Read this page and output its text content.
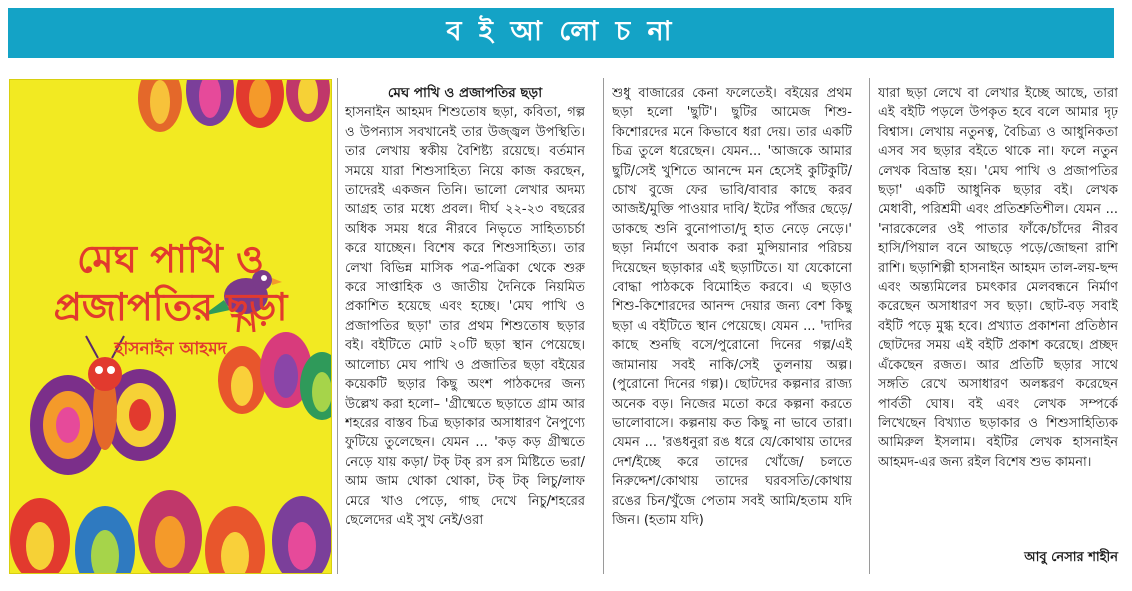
ব ই আ লো চ না
মেঘ পাখি ও
প্রজাপতির ছড়া
হাসনাইন আহমদ
মেঘ পাখি ও প্রজাপতির ছড়া

হাসনাইন আহমদ শিশুতোষ ছড়া, কবিতা, গল্প ও উপন্যাস সবখানেই তার উজ্জ্বল উপস্থিতি। তার লেখায় স্বকীয় বৈশিষ্ট্য রয়েছে। বর্তমান সময়ে যারা শিশুসাহিত্য নিয়ে কাজ করছেন, তাদেরই একজন তিনি। ভালো লেখার অদম্য আগ্রহ তার মধ্যে প্রবল। দীর্ঘ ২২-২৩ বছরের অধিক সময় ধরে নীরবে নিভৃতে সাহিত্যচর্চা করে যাচ্ছেন। বিশেষ করে শিশুসাহিত্য। তার লেখা বিভিন্ন মাসিক পত্র-পত্রিকা থেকে শুরু করে সাপ্তাহিক ও জাতীয় দৈনিকে নিয়মিত প্রকাশিত হয়েছে এবং হচ্ছে। 'মেঘ পাখি ও প্রজাপতির ছড়া' তার প্রথম শিশুতোষ ছড়ার বই। বইটিতে মোট ২০টি ছড়া স্থান পেয়েছে। আলোচ্য মেঘ পাখি ও প্রজাতির ছড়া বইয়ের কয়েকটি ছড়ার কিছু অংশ পাঠকদের জন্য উল্লেখ করা হলো– 'গ্রীষ্মেতে ছড়াতে গ্রাম আর শহরের বাস্তব চিত্র ছড়াকার অসাধারণ নৈপুণ্যে ফুটিয়ে তুলেছেন। যেমন ... 'কড় কড় গ্রীষ্মতে নেড়ে যায় কড়া/ টক্ টক্ রস রস মিষ্টিতে ভরা/আম জাম থোকা থোকা, টক্ টক্ লিচু/লাফ মেরে খাও পেড়ে, গাছ দেখে নিচু/শহরের ছেলেদের এই সুখ নেই/ওরা

শুধু বাজারের কেনা ফলেতেই। বইয়ের প্রথম ছড়া হলো 'ছুটি'। ছুটির আমেজ শিশু-কিশোরদের মনে কিভাবে ধরা দেয়। তার একটি চিত্র তুলে ধরেছেন। যেমন... 'আজকে আমার ছুটি/সেই খুশিতে আনন্দে মন হেসেই কুটিকুটি/চোখ বুজে ফের ভাবি/বাবার কাছে করব আজই/মুক্তি পাওয়ার দাবি/ ইটের পাঁজর ছেড়ে/ডাকছে শুনি বুনোপাতা/দু হাত নেড়ে নেড়ে।' ছড়া নির্মাণে অবাক করা মুন্সিয়ানার পরিচয় দিয়েছেন ছড়াকার এই ছড়াটিতে। যা যেকোনো বোদ্ধা পাঠককে বিমোহিত করবে। এ ছড়াও শিশু-কিশোরদের আনন্দ দেয়ার জন্য বেশ কিছু ছড়া এ বইটিতে স্থান পেয়েছে। যেমন ... 'দাদির কাছে শুনছি বসে/পুরোনো দিনের গল্প/এই জামানায় সবই নাকি/সেই তুলনায় অল্প। (পুরোনো দিনের গল্প)। ছোটদের কল্পনার রাজ্য অনেক বড়। নিজের মতো করে কল্পনা করতে ভালোবাসে। কল্পনায় কত কিছু না ভাবে তারা। যেমন ... 'রঙধনুরা রঙ ধরে যে/কোথায় তাদের দেশ/ইচ্ছে করে তাদের খোঁজে/ চলতে নিরুদ্দেশ/কোথায় তাদের ঘরবসতি/কোথায় রঙের চিন/খুঁজে পেতাম সবই আমি/হতাম যদি জিন। (হতাম যদি)

যারা ছড়া লেখে বা লেখার ইচ্ছে আছে, তারা এই বইটি পড়লে উপকৃত হবে বলে আমার দৃঢ় বিশ্বাস। লেখায় নতুনত্ব, বৈচিত্র্য ও আধুনিকতা এসব সব ছড়ার বইতে থাকে না। ফলে নতুন লেখক বিভ্রান্ত হয়। 'মেঘ পাখি ও প্রজাপতির ছড়া' একটি আধুনিক ছড়ার বই। লেখক মেধাবী, পরিশ্রমী এবং প্রতিশ্রুতিশীল। যেমন ... 'নারকেলের ওই পাতার ফাঁকে/চাঁদের নীরব হাসি/পিয়াল বনে আছড়ে পড়ে/জোছনা রাশি রাশি। ছড়াশিল্পী হাসনাইন আহমদ তাল-লয়-ছন্দ এবং অন্ত্যমিলের চমৎকার মেলবন্ধনে নির্মাণ করেছেন অসাধারণ সব ছড়া। ছোট-বড় সবাই বইটি পড়ে মুগ্ধ হবে। প্রখ্যাত প্রকাশনা প্রতিষ্ঠান ছোটদের সময় এই বইটি প্রকাশ করেছে। প্রচ্ছদ এঁকেছেন রজত। আর প্রতিটি ছড়ার সাথে সঙ্গতি রেখে অসাধারণ অলঙ্করণ করেছেন পার্বতী ঘোষ। বই এবং লেখক সম্পর্কে লিখেছেন বিখ্যাত ছড়াকার ও শিশুসাহিত্যিক আমিরুল ইসলাম। বইটির লেখক হাসনাইন আহমদ-এর জন্য রইল বিশেষ শুভ কামনা।

আবু নেসার শাহীন
